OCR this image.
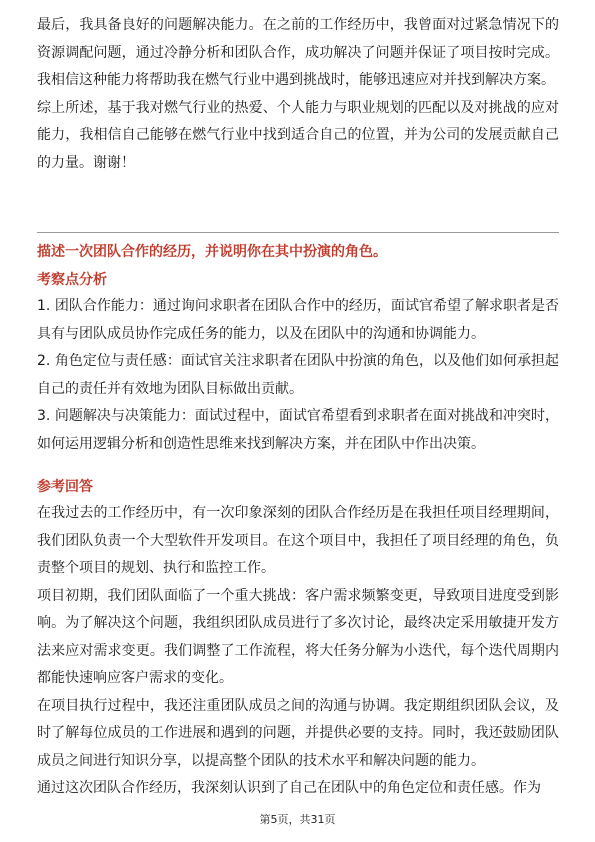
最后，我具备良好的问题解决能力。在之前的工作经历中，我曾面对过紧急情况下的资源调配问题，通过冷静分析和团队合作，成功解决了问题并保证了项目按时完成。我相信这种能力将帮助我在燃气行业中遇到挑战时，能够迅速应对并找到解决方案。

综上所述，基于我对燃气行业的热爱、个人能力与职业规划的匹配以及对挑战的应对能力，我相信自己能够在燃气行业中找到适合自己的位置，并为公司的发展贡献自己的力量。谢谢！

描述一次团队合作的经历，并说明你在其中扮演的角色。
考察点分析

1. 团队合作能力：通过询问求职者在团队合作中的经历，面试官希望了解求职者是否具有与团队成员协作完成任务的能力，以及在团队中的沟通和协调能力。

2. 角色定位与责任感：面试官关注求职者在团队中扮演的角色，以及他们如何承担起自己的责任并有效地为团队目标做出贡献。

3. 问题解决与决策能力：面试过程中，面试官希望看到求职者在面对挑战和冲突时，如何运用逻辑分析和创造性思维来找到解决方案，并在团队中作出决策。

参考回答

在我过去的工作经历中，有一次印象深刻的团队合作经历是在我担任项目经理期间，我们团队负责一个大型软件开发项目。在这个项目中，我担任了项目经理的角色，负责整个项目的规划、执行和监控工作。

项目初期，我们团队面临了一个重大挑战：客户需求频繁变更，导致项目进度受到影响。为了解决这个问题，我组织团队成员进行了多次讨论，最终决定采用敏捷开发方法来应对需求变更。我们调整了工作流程，将大任务分解为小迭代，每个迭代周期内都能快速响应客户需求的变化。

在项目执行过程中，我还注重团队成员之间的沟通与协调。我定期组织团队会议，及时了解每位成员的工作进展和遇到的问题，并提供必要的支持。同时，我还鼓励团队成员之间进行知识分享，以提高整个团队的技术水平和解决问题的能力。

通过这次团队合作经历，我深刻认识到了自己在团队中的角色定位和责任感。作为

第5页，共31页
